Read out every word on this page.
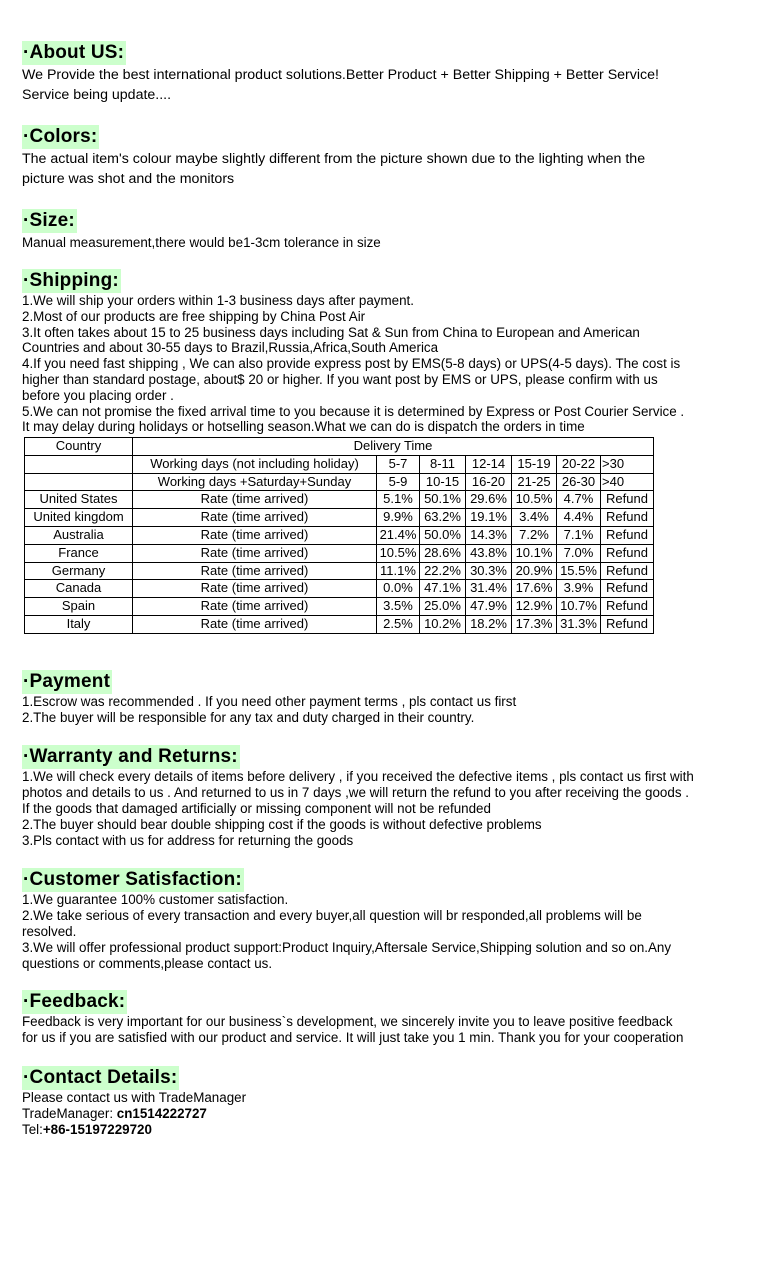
·About US:

We Provide the best international product solutions.Better Product + Better Shipping + Better Service!

Service being update....

·Colors:

The actual item's colour maybe slightly different from the picture shown due to the lighting when the

picture was shot and the monitors

·Size:

Manual measurement,there would be1-3cm tolerance in size

·Shipping:

1.We will ship your orders within 1-3 business days after payment.

2.Most of our products are free shipping by China Post Air

3.It often takes about 15 to 25 business days including Sat & Sun from China to European and American

Countries and about 30-55 days to Brazil,Russia,Africa,South America

4.If you need fast shipping , We can also provide express post by EMS(5-8 days) or UPS(4-5 days). The cost is

higher than standard postage, about$ 20 or higher. If you want post by EMS or UPS, please confirm with us

before you placing order .

5.We can not promise the fixed arrival time to you because it is determined by Express or Post Courier Service .

It may delay during holidays or hotselling season.What we can do is dispatch the orders in time

Country	Delivery Time						
	Working days (not including holiday)	5-7	8-11	12-14	15-19	20-22	>30
	Working days +Saturday+Sunday	5-9	10-15	16-20	21-25	26-30	>40
United States	Rate (time arrived)	5.1%	50.1%	29.6%	10.5%	4.7%	Refund
United kingdom	Rate (time arrived)	9.9%	63.2%	19.1%	3.4%	4.4%	Refund
Australia	Rate (time arrived)	21.4%	50.0%	14.3%	7.2%	7.1%	Refund
France	Rate (time arrived)	10.5%	28.6%	43.8%	10.1%	7.0%	Refund
Germany	Rate (time arrived)	11.1%	22.2%	30.3%	20.9%	15.5%	Refund
Canada	Rate (time arrived)	0.0%	47.1%	31.4%	17.6%	3.9%	Refund
Spain	Rate (time arrived)	3.5%	25.0%	47.9%	12.9%	10.7%	Refund
Italy	Rate (time arrived)	2.5%	10.2%	18.2%	17.3%	31.3%	Refund
·Payment

1.Escrow was recommended . If you need other payment terms , pls contact us first

2.The buyer will be responsible for any tax and duty charged in their country.

·Warranty and Returns:

1.We will check every details of items before delivery , if you received the defective items , pls contact us first with

photos and details to us . And returned to us in 7 days ,we will return the refund to you after receiving the goods .

If the goods that damaged artificially or missing component will not be refunded

2.The buyer should bear double shipping cost if the goods is without defective problems

3.Pls contact with us for address for returning the goods

·Customer Satisfaction:

1.We guarantee 100% customer satisfaction.

2.We take serious of every transaction and every buyer,all question will br responded,all problems will be

resolved.

3.We will offer professional product support:Product Inquiry,Aftersale Service,Shipping solution and so on.Any

questions or comments,please contact us.

·Feedback:

Feedback is very important for our business`s development, we sincerely invite you to leave positive feedback

for us if you are satisfied with our product and service. It will just take you 1 min. Thank you for your cooperation

·Contact Details:

Please contact us with TradeManager

TradeManager: cn1514222727

Tel:+86-15197229720
